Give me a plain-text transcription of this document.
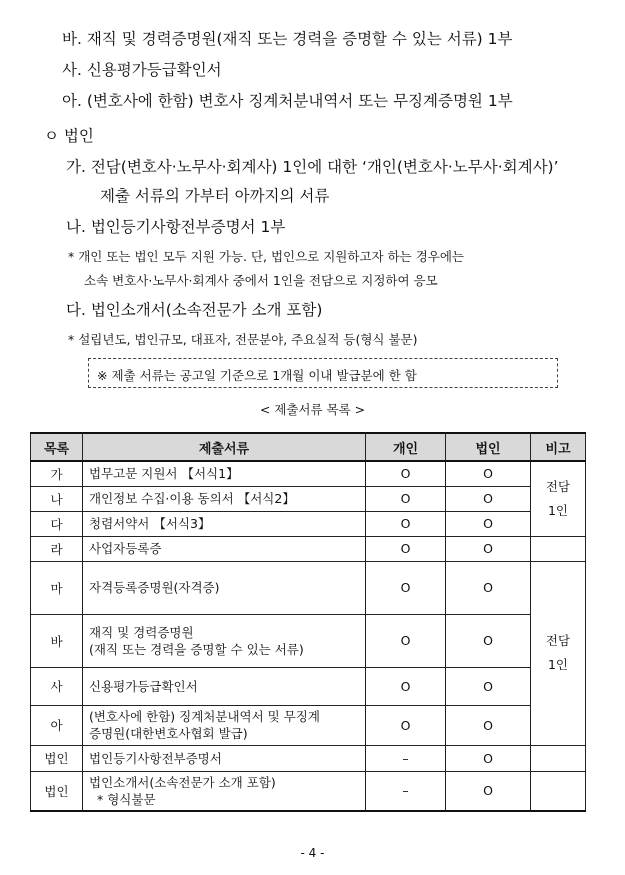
바. 재직 및 경력증명원(재직 또는 경력을 증명할 수 있는 서류) 1부
사. 신용평가등급확인서
아. (변호사에 한함) 변호사 징계처분내역서 또는 무징계증명원 1부
ㅇ 법인
가. 전담(변호사·노무사·회계사) 1인에 대한 ‘개인(변호사·노무사·회계사)’
제출 서류의 가부터 아까지의 서류
나. 법인등기사항전부증명서 1부
* 개인 또는 법인 모두 지원 가능. 단, 법인으로 지원하고자 하는 경우에는
소속 변호사·노무사·회계사 중에서 1인을 전담으로 지정하여 응모
다. 법인소개서(소속전문가 소개 포함)
* 설립년도, 법인규모, 대표자, 전문분야, 주요실적 등(형식 불문)
※ 제출 서류는 공고일 기준으로 1개월 이내 발급분에 한 함
< 제출서류 목록 >
목록	제출서류	개인	법인	비고
가	법무고문 지원서 【서식1】	O	O	전담
1인

나	개인정보 수집·이용 동의서 【서식2】	O	O	
다	청렴서약서 【서식3】	O	O	
라	사업자등록증	O	O	
마	자격등록증명원(자격증)	O	O	전담
1인

바	재직 및 경력증명원
(재직 또는 경력을 증명할 수 있는 서류)	O	O	
사	신용평가등급확인서	O	O	
아	(변호사에 한함) 징계처분내역서 및 무징계
증명원(대한변호사협회 발급)	O	O	
법인	법인등기사항전부증명서	–	O	
법인	법인소개서(소속전문가 소개 포함)
* 형식불문	–	O	
- 4 -
